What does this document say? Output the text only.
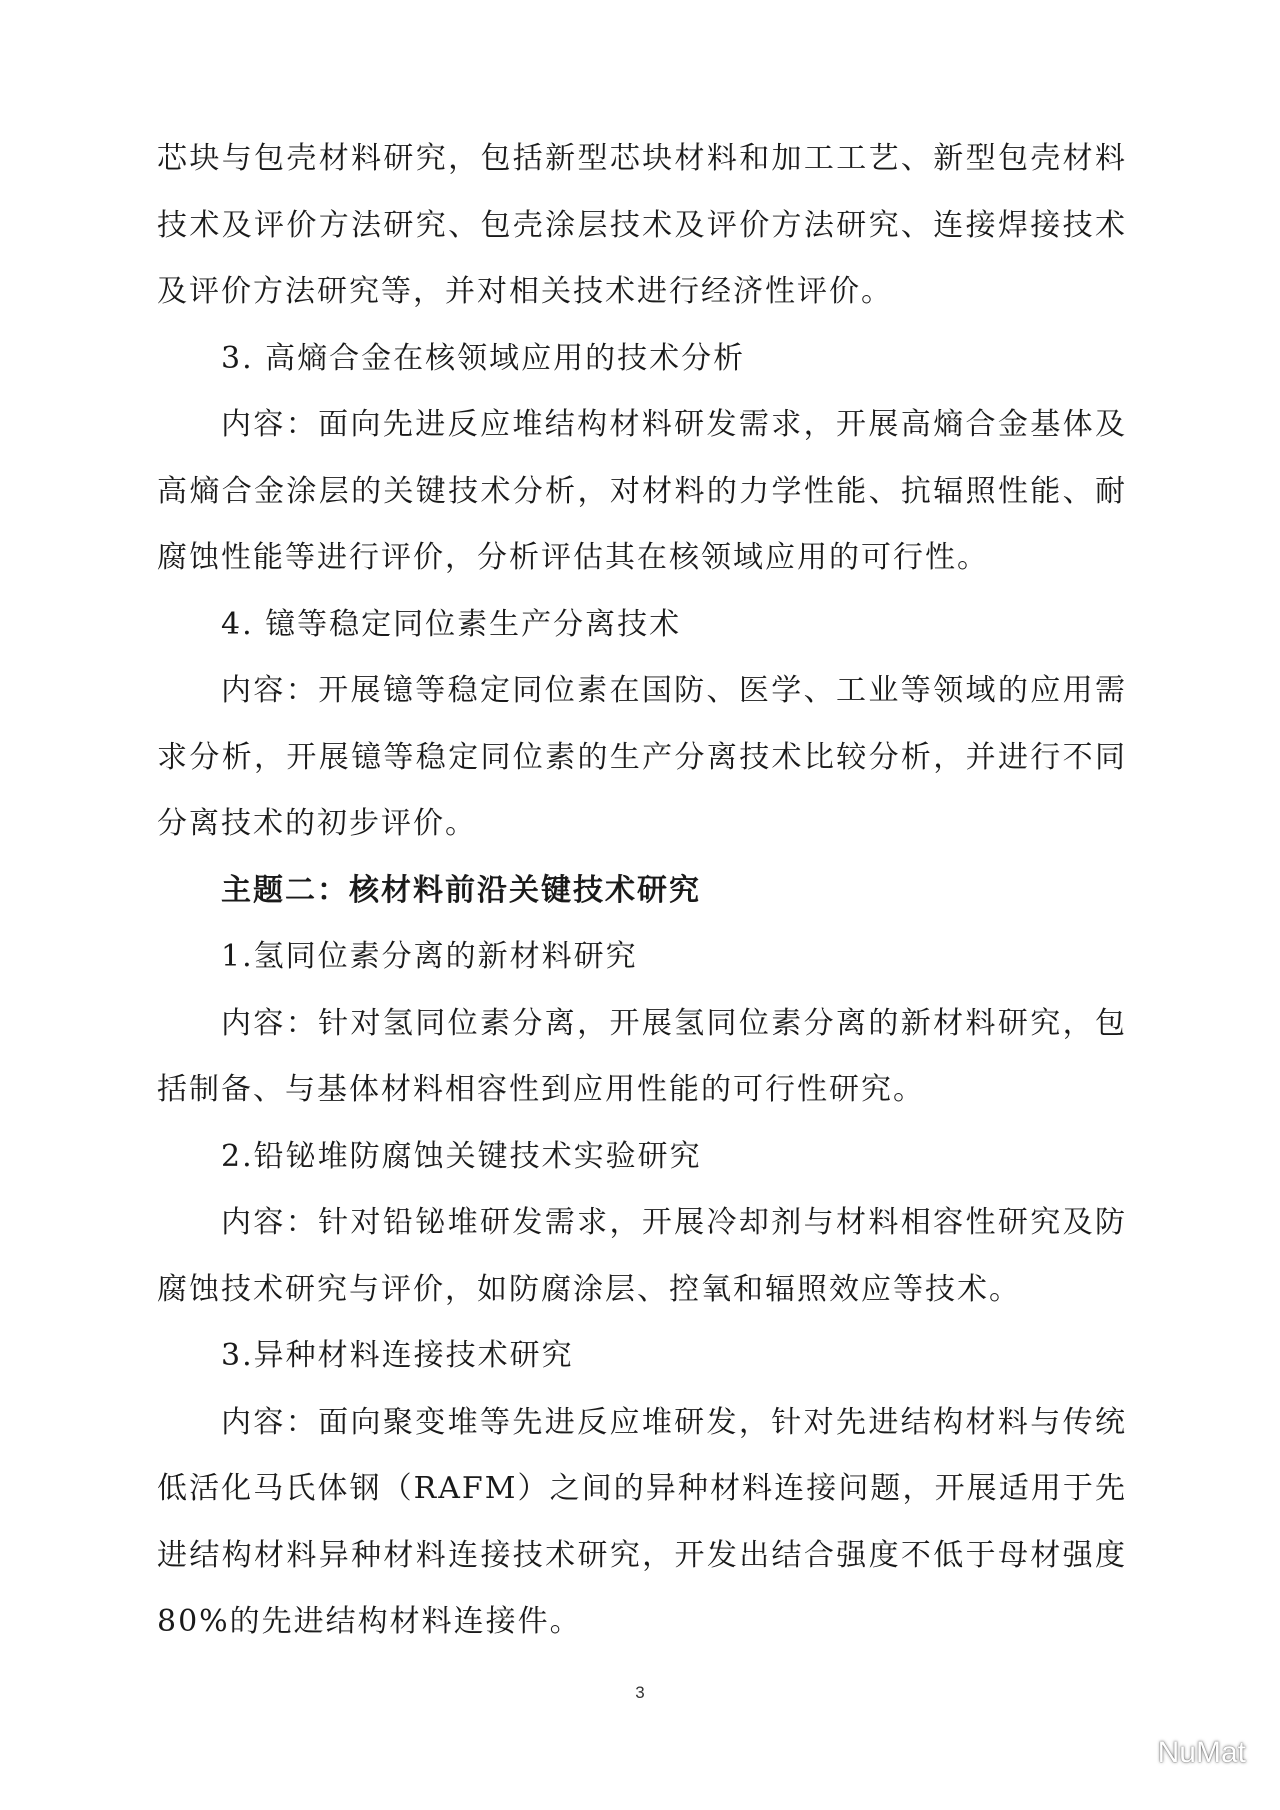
芯块与包壳材料研究，包括新型芯块材料和加工工艺、新型包壳材料技术及评价方法研究、包壳涂层技术及评价方法研究、连接焊接技术及评价方法研究等，并对相关技术进行经济性评价。

3. 高熵合金在核领域应用的技术分析

内容：面向先进反应堆结构材料研发需求，开展高熵合金基体及高熵合金涂层的关键技术分析，对材料的力学性能、抗辐照性能、耐腐蚀性能等进行评价，分析评估其在核领域应用的可行性。

4. 镱等稳定同位素生产分离技术

内容：开展镱等稳定同位素在国防、医学、工业等领域的应用需求分析，开展镱等稳定同位素的生产分离技术比较分析，并进行不同分离技术的初步评价。

主题二：核材料前沿关键技术研究

1.氢同位素分离的新材料研究

内容：针对氢同位素分离，开展氢同位素分离的新材料研究，包括制备、与基体材料相容性到应用性能的可行性研究。

2.铅铋堆防腐蚀关键技术实验研究

内容：针对铅铋堆研发需求，开展冷却剂与材料相容性研究及防腐蚀技术研究与评价，如防腐涂层、控氧和辐照效应等技术。

3.异种材料连接技术研究

内容：面向聚变堆等先进反应堆研发，针对先进结构材料与传统低活化马氏体钢（RAFM）之间的异种材料连接问题，开展适用于先进结构材料异种材料连接技术研究，开发出结合强度不低于母材强度80%的先进结构材料连接件。

3
NuMat
